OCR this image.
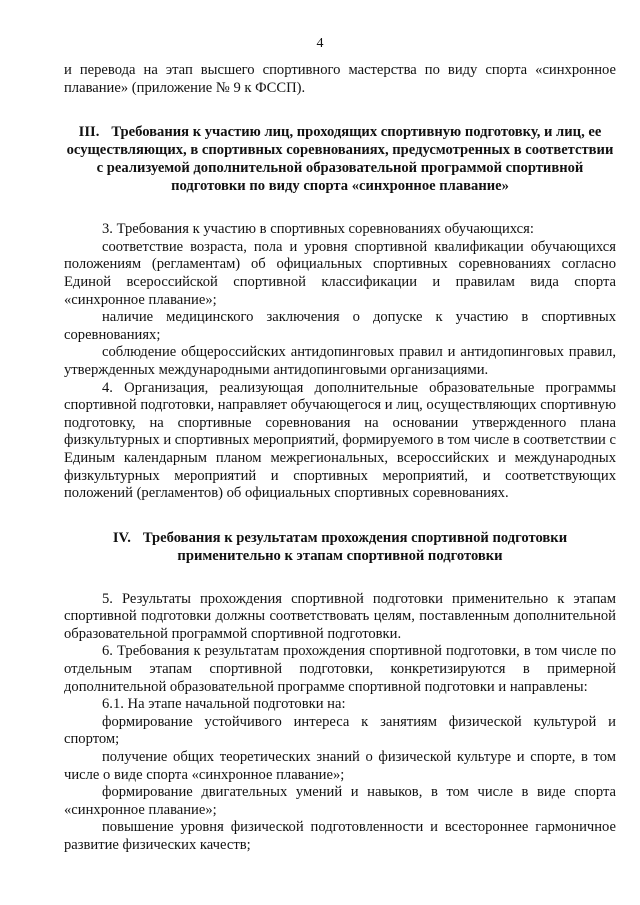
4

и перевода на этап высшего спортивного мастерства по виду спорта «синхронное плавание» (приложение № 9 к ФССП).

III. Требования к участию лиц, проходящих спортивную подготовку, и лиц, ее осуществляющих, в спортивных соревнованиях, предусмотренных в соответствии с реализуемой дополнительной образовательной программой спортивной подготовки по виду спорта «синхронное плавание»

3. Требования к участию в спортивных соревнованиях обучающихся:

соответствие возраста, пола и уровня спортивной квалификации обучающихся положениям (регламентам) об официальных спортивных соревнованиях согласно Единой всероссийской спортивной классификации и правилам вида спорта «синхронное плавание»;

наличие медицинского заключения о допуске к участию в спортивных соревнованиях;

соблюдение общероссийских антидопинговых правил и антидопинговых правил, утвержденных международными антидопинговыми организациями.

4. Организация, реализующая дополнительные образовательные программы спортивной подготовки, направляет обучающегося и лиц, осуществляющих спортивную подготовку, на спортивные соревнования на основании утвержденного плана физкультурных и спортивных мероприятий, формируемого в том числе в соответствии с Единым календарным планом межрегиональных, всероссийских и международных физкультурных мероприятий и спортивных мероприятий, и соответствующих положений (регламентов) об официальных спортивных соревнованиях.

IV. Требования к результатам прохождения спортивной подготовки применительно к этапам спортивной подготовки

5. Результаты прохождения спортивной подготовки применительно к этапам спортивной подготовки должны соответствовать целям, поставленным дополнительной образовательной программой спортивной подготовки.

6. Требования к результатам прохождения спортивной подготовки, в том числе по отдельным этапам спортивной подготовки, конкретизируются в примерной дополнительной образовательной программе спортивной подготовки и направлены:

6.1. На этапе начальной подготовки на:

формирование устойчивого интереса к занятиям физической культурой и спортом;

получение общих теоретических знаний о физической культуре и спорте, в том числе о виде спорта «синхронное плавание»;

формирование двигательных умений и навыков, в том числе в виде спорта «синхронное плавание»;

повышение уровня физической подготовленности и всестороннее гармоничное развитие физических качеств;
